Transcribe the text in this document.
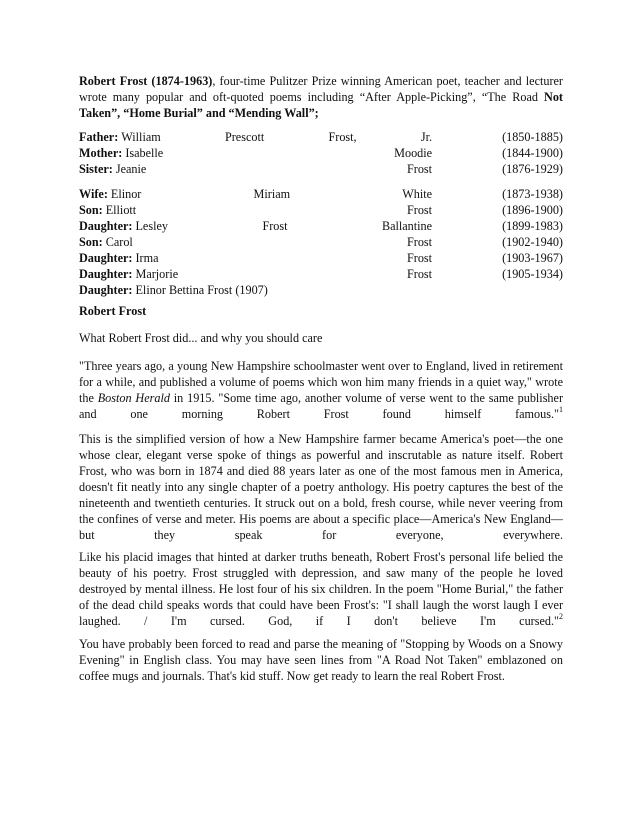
Robert Frost (1874-1963), four-time Pulitzer Prize winning American poet, teacher and lecturer wrote many popular and oft-quoted poems including “After Apple-Picking”, “The Road Not Taken”, “Home Burial” and “Mending Wall”;

Father: William	Prescott	Frost,	Jr.	(1850-1885)
Mother: Isabelle	Moodie	(1844-1900)
Sister: Jeanie	Frost	(1876-1929)
Wife: Elinor	Miriam	White	(1873-1938)
Son: Elliott	Frost	(1896-1900)
Daughter: Lesley	Frost	Ballantine	(1899-1983)
Son: Carol	Frost	(1902-1940)
Daughter: Irma	Frost	(1903-1967)
Daughter: Marjorie	Frost	(1905-1934)
Daughter: Elinor Bettina Frost (1907)
Robert Frost
What Robert Frost did... and why you should care

"Three years ago, a young New Hampshire schoolmaster went over to England, lived in retirement for a while, and published a volume of poems which won him many friends in a quiet way," wrote the Boston Herald in 1915. "Some time ago, another volume of verse went to the same publisher and one morning Robert Frost found himself famous."$^1$

This is the simplified version of how a New Hampshire farmer became America's poet—the one whose clear, elegant verse spoke of things as powerful and inscrutable as nature itself. Robert Frost, who was born in 1874 and died 88 years later as one of the most famous men in America, doesn't fit neatly into any single chapter of a poetry anthology. His poetry captures the best of the nineteenth and twentieth centuries. It struck out on a bold, fresh course, while never veering from the confines of verse and meter. His poems are about a specific place—America's New England—but they speak for everyone, everywhere.

Like his placid images that hinted at darker truths beneath, Robert Frost's personal life belied the beauty of his poetry. Frost struggled with depression, and saw many of the people he loved destroyed by mental illness. He lost four of his six children. In the poem "Home Burial," the father of the dead child speaks words that could have been Frost's: "I shall laugh the worst laugh I ever laughed. / I'm cursed. God, if I don't believe I'm cursed."$^2$

You have probably been forced to read and parse the meaning of "Stopping by Woods on a Snowy Evening" in English class. You may have seen lines from "A Road Not Taken" emblazoned on coffee mugs and journals. That's kid stuff. Now get ready to learn the real Robert Frost.
